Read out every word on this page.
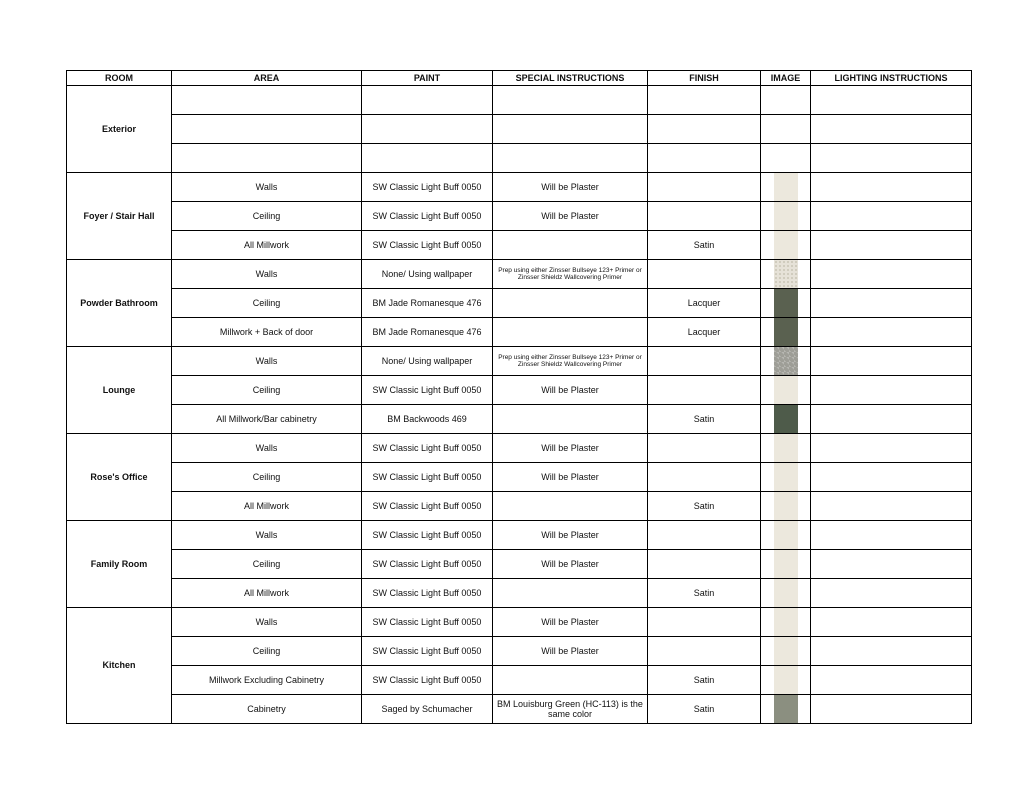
ROOM	AREA	PAINT	SPECIAL INSTRUCTIONS	FINISH	IMAGE	LIGHTING INSTRUCTIONS
Exterior						

Foyer / Stair Hall	Walls	SW Classic Light Buff 0050	Will be Plaster		

	Ceiling	SW Classic Light Buff 0050	Will be Plaster		

	All Millwork	SW Classic Light Buff 0050		Satin	

Powder Bathroom	Walls	None/ Using wallpaper	Prep using either Zinsser Bullseye 123+ Primer or Zinsser Shieldz Wallcovering Primer		

	Ceiling	BM Jade Romanesque 476		Lacquer	

	Millwork + Back of door	BM Jade Romanesque 476		Lacquer	

Lounge	Walls	None/ Using wallpaper	Prep using either Zinsser Bullseye 123+ Primer or Zinsser Shieldz Wallcovering Primer		

	Ceiling	SW Classic Light Buff 0050	Will be Plaster		

	All Millwork/Bar cabinetry	BM Backwoods 469		Satin	

Rose's Office	Walls	SW Classic Light Buff 0050	Will be Plaster		

	Ceiling	SW Classic Light Buff 0050	Will be Plaster		

	All Millwork	SW Classic Light Buff 0050		Satin	

Family Room	Walls	SW Classic Light Buff 0050	Will be Plaster		

	Ceiling	SW Classic Light Buff 0050	Will be Plaster		

	All Millwork	SW Classic Light Buff 0050		Satin	

Kitchen	Walls	SW Classic Light Buff 0050	Will be Plaster		

	Ceiling	SW Classic Light Buff 0050	Will be Plaster		

	Millwork Excluding Cabinetry	SW Classic Light Buff 0050		Satin	

	Cabinetry	Saged by Schumacher	BM Louisburg Green (HC-113) is the same color	Satin	
